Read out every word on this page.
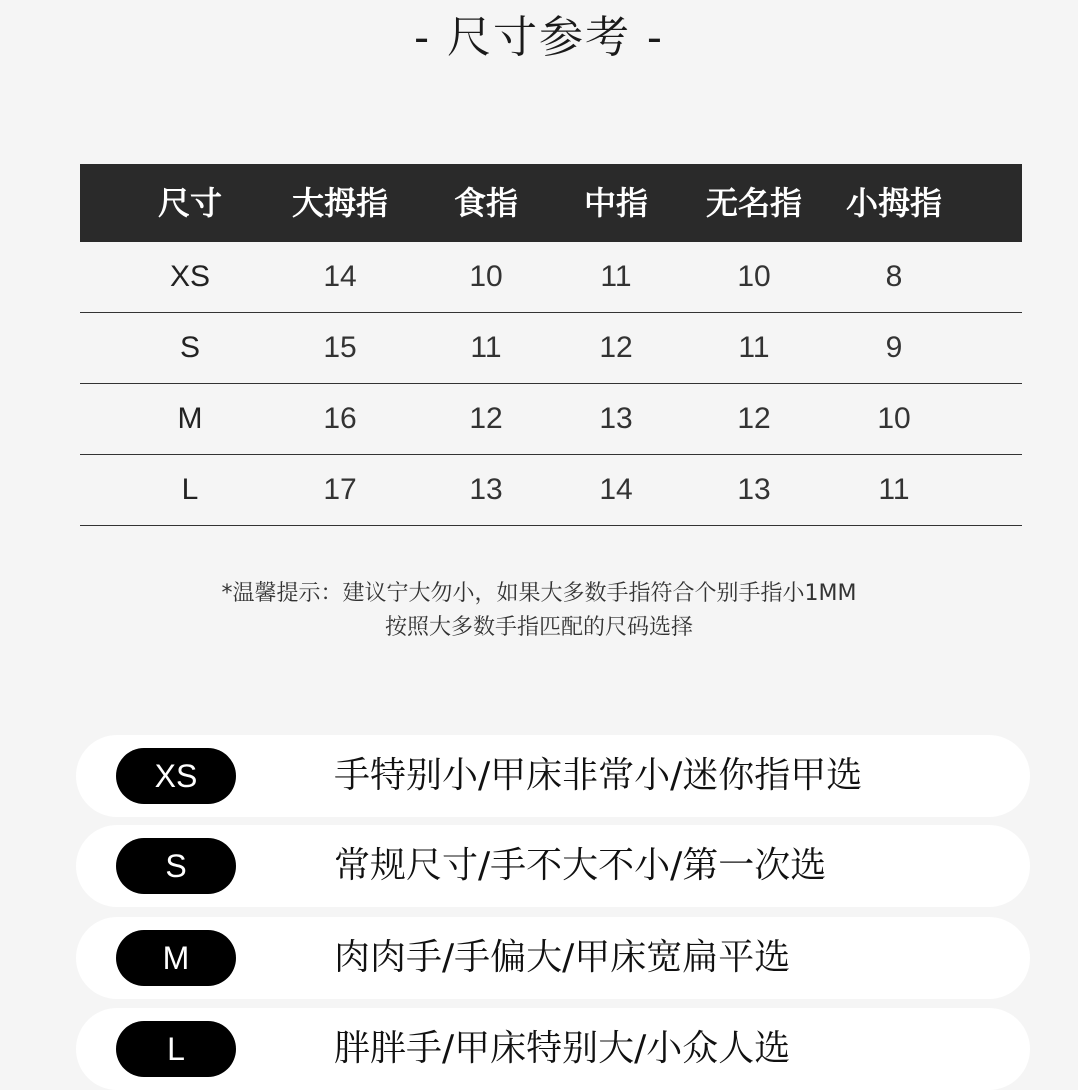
- 尺寸参考 -
尺寸 大拇指 食指 中指 无名指 小拇指
XS	14	10	11	10	8
S	15	11	12	11	9
M	16	12	13	12	10
L	17	13	14	13	11
*温馨提示：建议宁大勿小，如果大多数手指符合个别手指小1MM
按照大多数手指匹配的尺码选择
XS	手特别小/甲床非常小/迷你指甲选
S	常规尺寸/手不大不小/第一次选
M	肉肉手/手偏大/甲床宽扁平选
L	胖胖手/甲床特别大/小众人选
